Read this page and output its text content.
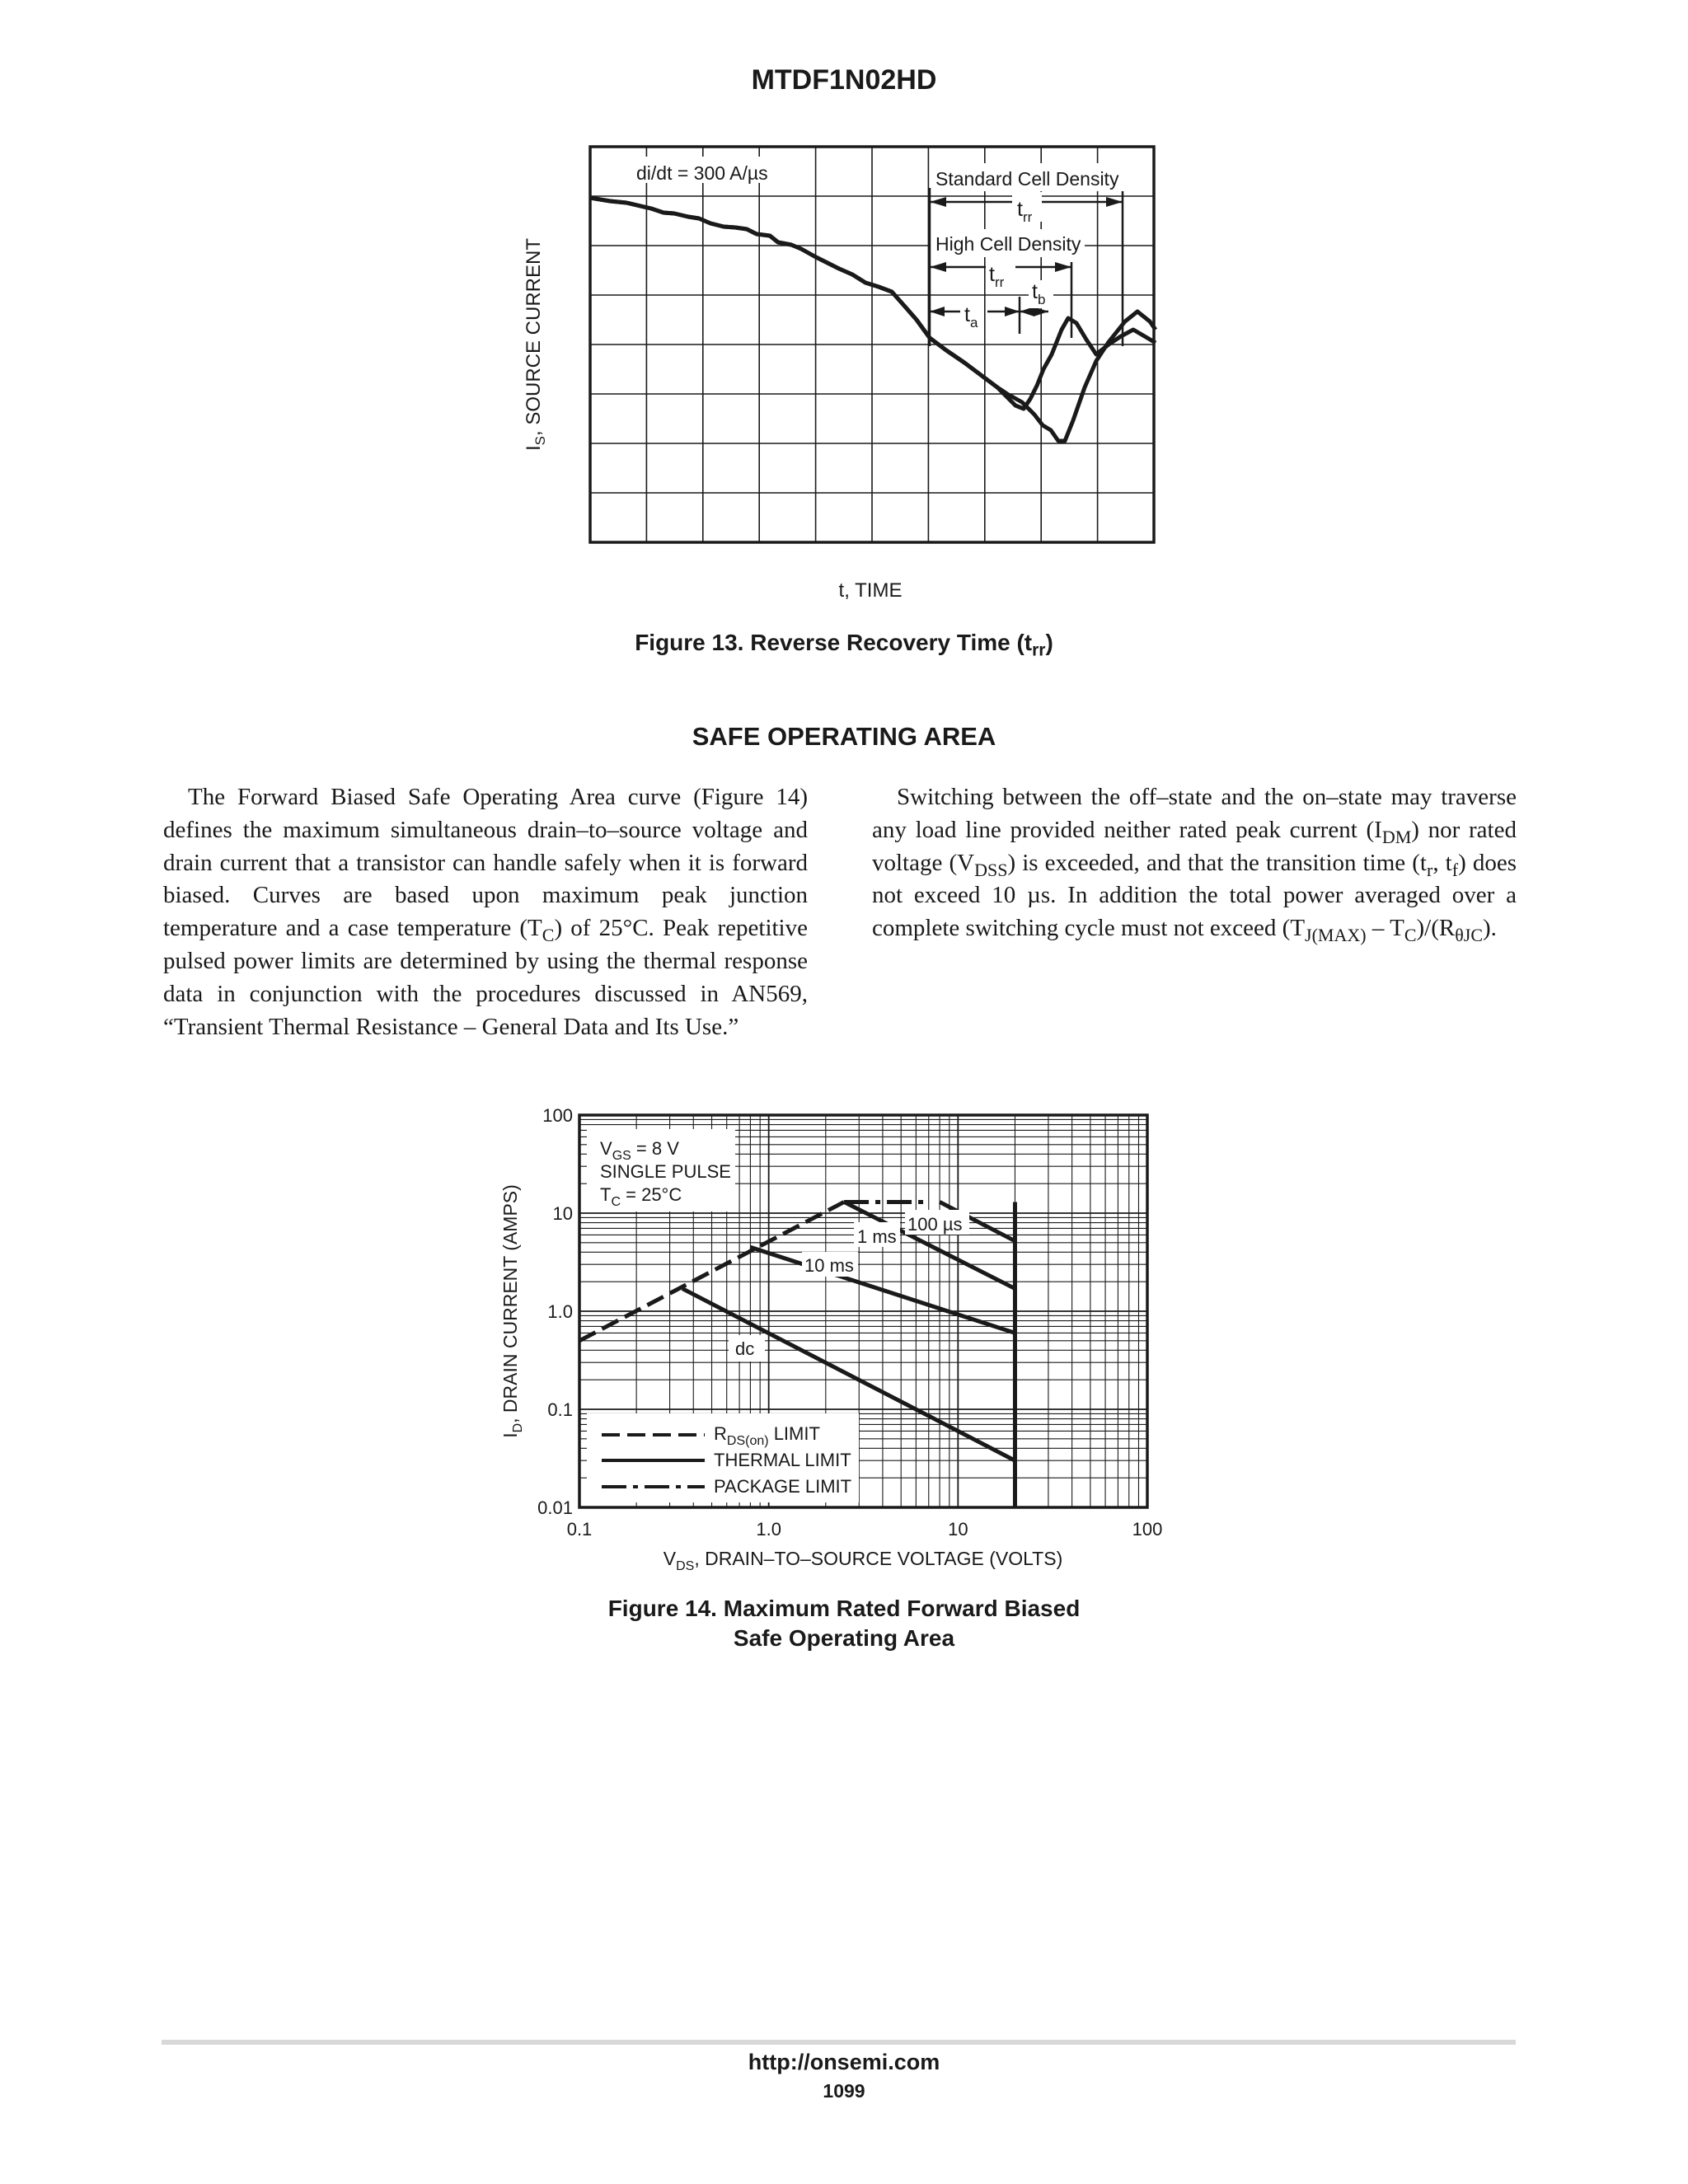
MTDF1N02HD
di/dt = 300 A/µs	Standard Cell Density
$t_{rr}$
High Cell Density
$t_{rr}$
$t_a$
$t_b$
t, TIME
$I_S$, SOURCE CURRENT
Figure 13. Reverse Recovery Time $(t_{rr})$
SAFE OPERATING AREA
The Forward Biased Safe Operating Area curve (Figure 14) defines the maximum simultaneous drain–to–source voltage and drain current that a transistor can handle safely when it is forward biased. Curves are based upon maximum peak junction temperature and a case temperature $(T_C)$ of 25°C. Peak repetitive pulsed power limits are determined by using the thermal response data in conjunction with the procedures discussed in AN569, “Transient Thermal Resistance – General Data and Its Use.”
Switching between the off–state and the on–state may traverse any load line provided neither rated peak current $(I_{DM})$ nor rated voltage $(V_{DSS})$ is exceeded, and that the transition time ($t_r$, $t_f$) does not exceed 10 µs. In addition the total power averaged over a complete switching cycle must not exceed $(T_{J(MAX)} - T_C)/(R_{\theta JC})$.
$V_{GS} = 8$ V
SINGLE PULSE
$T_C = 25^\circ C$
$R_{DS(on)}$ LIMIT
THERMAL LIMIT
PACKAGE LIMIT
100 µs
1 ms
10 ms
dc
0.1	1.0	10	100
100
10
1.0
0.1
0.01
$V_{DS}$, DRAIN–TO–SOURCE VOLTAGE (VOLTS)
$I_D$, DRAIN CURRENT (AMPS)
Figure 14. Maximum Rated Forward Biased
Safe Operating Area
http://onsemi.com
1099
